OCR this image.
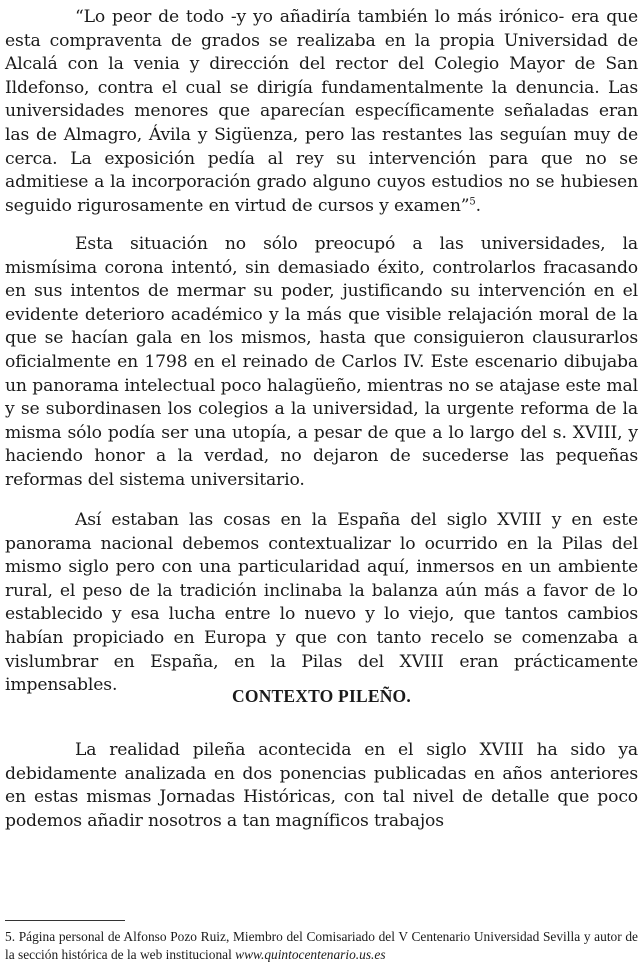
“Lo peor de todo -y yo añadiría también lo más irónico- era que esta compraventa de grados se realizaba en la propia Universidad de Alcalá con la venia y dirección del rector del Colegio Mayor de San Ildefonso, contra el cual se dirigía fundamentalmente la denuncia. Las universidades menores que aparecían específicamente señaladas eran las de Almagro, Ávila y Sigüenza, pero las restantes las seguían muy de cerca. La exposición pedía al rey su intervención para que no se admitiese a la incorporación grado alguno cuyos estudios no se hubiesen seguido rigurosamente en virtud de cursos y examen”$^5$.

Esta situación no sólo preocupó a las universidades, la mismísima corona intentó, sin demasiado éxito, controlarlos fracasando en sus intentos de mermar su poder, justificando su intervención en el evidente deterioro académico y la más que visible relajación moral de la que se hacían gala en los mismos, hasta que consiguieron clausurarlos oficialmente en 1798 en el reinado de Carlos IV. Este escenario dibujaba un panorama intelectual poco halagüeño, mientras no se atajase este mal y se subordinasen los colegios a la universidad, la urgente reforma de la misma sólo podía ser una utopía, a pesar de que a lo largo del s. XVIII, y haciendo honor a la verdad, no dejaron de sucederse las pequeñas reformas del sistema universitario.

Así estaban las cosas en la España del siglo XVIII y en este panorama nacional debemos contextualizar lo ocurrido en la Pilas del mismo siglo pero con una particularidad aquí, inmersos en un ambiente rural, el peso de la tradición inclinaba la balanza aún más a favor de lo establecido y esa lucha entre lo nuevo y lo viejo, que tantos cambios habían propiciado en Europa y que con tanto recelo se comenzaba a vislumbrar en España, en la Pilas del XVIII eran prácticamente impensables.

CONTEXTO PILEÑO.

La realidad pileña acontecida en el siglo XVIII ha sido ya debidamente analizada en dos ponencias publicadas en años anteriores en estas mismas Jornadas Históricas, con tal nivel de detalle que poco podemos añadir nosotros a tan magníficos trabajos

5. Página personal de Alfonso Pozo Ruiz, Miembro del Comisariado del V Centenario Universidad Sevilla y autor de la sección histórica de la web institucional www.quintocentenario.us.es
